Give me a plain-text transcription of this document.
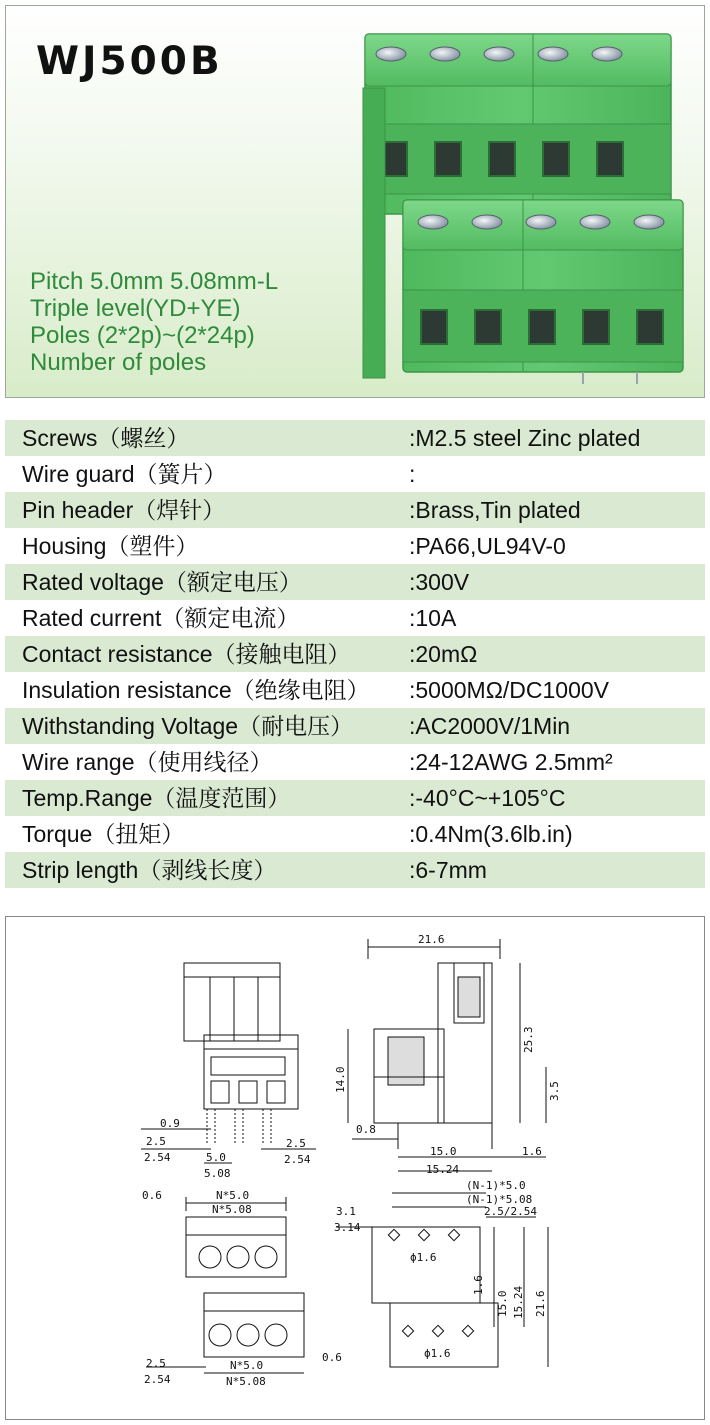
WJ500B
Pitch 5.0mm 5.08mm-L
Triple level(YD+YE)
Poles (2*2p)~(2*24p)
Number of poles
Screws（螺丝）	:M2.5 steel Zinc plated
Wire guard（簧片）	:
Pin header（焊针）	:Brass,Tin plated
Housing（塑件）	:PA66,UL94V-0
Rated voltage（额定电压）	:300V
Rated current（额定电流）	:10A
Contact resistance（接触电阻）	:20mΩ
Insulation resistance（绝缘电阻） :5000MΩ/DC1000V
Withstanding Voltage（耐电压） :AC2000V/1Min
Wire range（使用线径）	:24-12AWG 2.5mm²
Temp.Range（温度范围）	:-40°C~+105°C
Torque（扭矩）	:0.4Nm(3.6lb.in)
Strip length（剥线长度）	:6-7mm
21.6
25.3
14.0	3.5
0.8
15.0
15.24
1.6
0.9
2.5
2.54	5.0
5.08
2.5
2.54
0.6	N*5.0
N*5.08
(N-1)*5.0
(N-1)*5.08
2.5/2.54
3.1
3.14
ϕ1.6
1.6
15.0 15.24 21.6
ϕ1.6
2.5
2.54
N*5.0
N*5.08
0.6
